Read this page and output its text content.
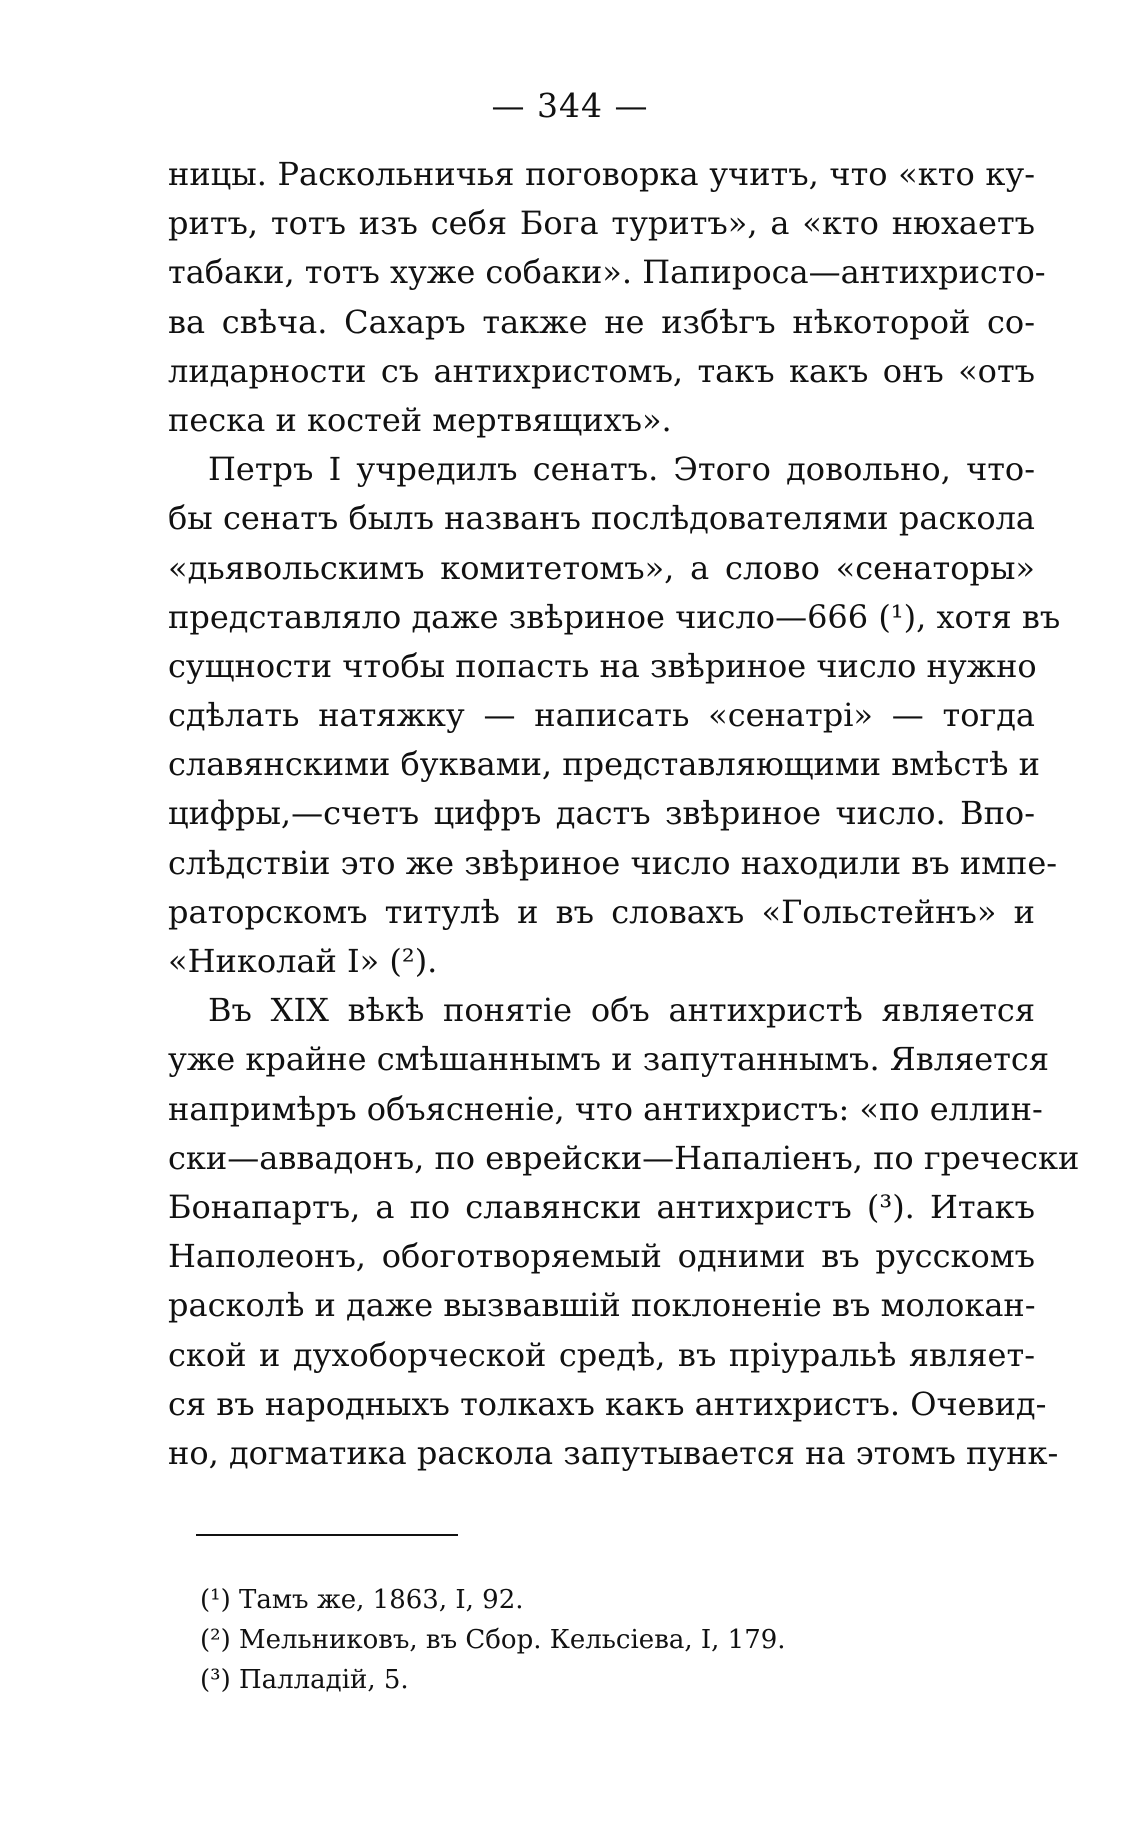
— 344 —
ницы. Раскольничья поговорка учитъ, что «кто ку-
ритъ, тотъ изъ себя Бога туритъ», а «кто нюхаетъ
табаки, тотъ хуже собаки». Папироса—антихристо-
ва свѣча. Сахаръ также не избѣгъ нѣкоторой со-
лидарности съ антихристомъ, такъ какъ онъ «отъ
песка и костей мертвящихъ».
Петръ I учредилъ сенатъ. Этого довольно, что-
бы сенатъ былъ названъ послѣдователями раскола
«дьявольскимъ комитетомъ», а слово «сенаторы»
представляло даже звѣриное число—666 (¹), хотя въ
сущности чтобы попасть на звѣриное число нужно
сдѣлать натяжку — написать «сенатрі» — тогда
славянскими буквами, представляющими вмѣстѣ и
цифры,—счетъ цифръ дастъ звѣриное число. Впо-
слѣдствіи это же звѣриное число находили въ импе-
раторскомъ титулѣ и въ словахъ «Гольстейнъ» и
«Николай I» (²).
Въ XIX вѣкѣ понятіе объ антихристѣ является
уже крайне смѣшаннымъ и запутаннымъ. Является
напримѣръ объясненіе, что антихристъ: «по еллин-
ски—аввадонъ, по еврейски—Напаліенъ, по гречески
Бонапартъ, а по славянски антихристъ (³). Итакъ
Наполеонъ, обоготворяемый одними въ русскомъ
расколѣ и даже вызвавшій поклоненіе въ молокан-
ской и духоборческой средѣ, въ пріуральѣ являет-
ся въ народныхъ толкахъ какъ антихристъ. Очевид-
но, догматика раскола запутывается на этомъ пунк-
(¹) Тамъ же, 1863, I, 92.
(²) Мельниковъ, въ Сбор. Кельсіева, I, 179.
(³) Палладій, 5.
